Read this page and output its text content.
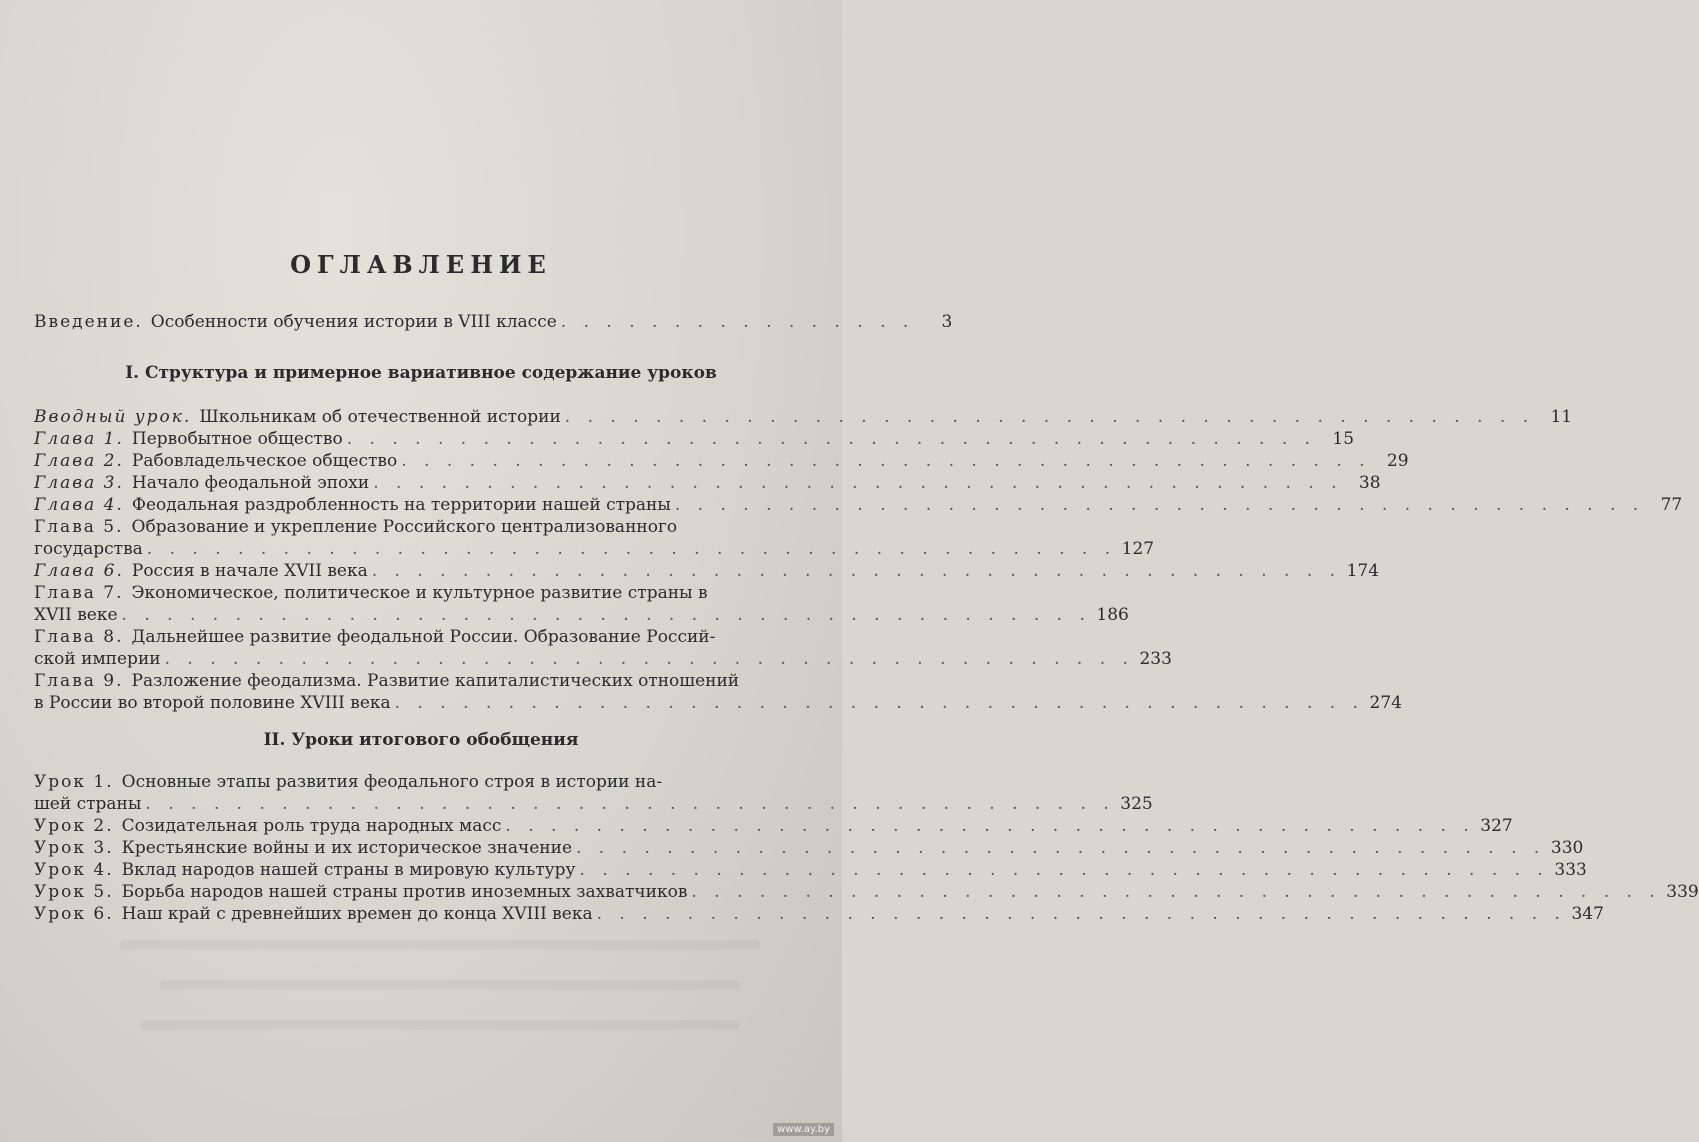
ОГЛАВЛЕНИЕ
Введение. Особенности обучения истории в VIII классе . . . . . . . . . . . . . . . .	3
I. Структура и примерное вариативное содержание уроков
Вводный урок. Школьникам об отечественной истории . . . . . . . . . . . . . . . . . . . . . . . . . . . . . . . . . . . . . . . . . . . 11
Глава 1. Первобытное общество . . . . . . . . . . . . . . . . . . . . . . . . . . . . . . . . . . . . . . . . . . . 15
Глава 2. Рабовладельческое общество . . . . . . . . . . . . . . . . . . . . . . . . . . . . . . . . . . . . . . . . . . . 29
Глава 3. Начало феодальной эпохи . . . . . . . . . . . . . . . . . . . . . . . . . . . . . . . . . . . . . . . . . . . 38
Глава 4. Феодальная раздробленность на территории нашей страны . . . . . . . . . . . . . . . . . . . . . . . . . . . . . . . . . . . . . . . . . . . 77
Глава 5. Образование и укрепление Российского централизованного
государства . . . . . . . . . . . . . . . . . . . . . . . . . . . . . . . . . . . . . . . . . . . 127
Глава 6. Россия в начале XVII века . . . . . . . . . . . . . . . . . . . . . . . . . . . . . . . . . . . . . . . . . . . 174
Глава 7. Экономическое, политическое и культурное развитие страны в
XVII веке . . . . . . . . . . . . . . . . . . . . . . . . . . . . . . . . . . . . . . . . . . . 186
Глава 8. Дальнейшее развитие феодальной России. Образование Россий-
ской империи . . . . . . . . . . . . . . . . . . . . . . . . . . . . . . . . . . . . . . . . . . . 233
Глава 9. Разложение феодализма. Развитие капиталистических отношений
в России во второй половине XVIII века . . . . . . . . . . . . . . . . . . . . . . . . . . . . . . . . . . . . . . . . . . . 274
II. Уроки итогового обобщения
Урок 1. Основные этапы развития феодального строя в истории на-
шей страны . . . . . . . . . . . . . . . . . . . . . . . . . . . . . . . . . . . . . . . . . . . 325
Урок 2. Созидательная роль труда народных масс . . . . . . . . . . . . . . . . . . . . . . . . . . . . . . . . . . . . . . . . . . . 327
Урок 3. Крестьянские войны и их историческое значение . . . . . . . . . . . . . . . . . . . . . . . . . . . . . . . . . . . . . . . . . . . 330
Урок 4. Вклад народов нашей страны в мировую культуру . . . . . . . . . . . . . . . . . . . . . . . . . . . . . . . . . . . . . . . . . . . 333
Урок 5. Борьба народов нашей страны против иноземных захватчиков . . . . . . . . . . . . . . . . . . . . . . . . . . . . . . . . . . . . . . . . . . . 339
Урок 6. Наш край с древнейших времен до конца XVIII века . . . . . . . . . . . . . . . . . . . . . . . . . . . . . . . . . . . . . . . . . . . 347
www.ay.by
